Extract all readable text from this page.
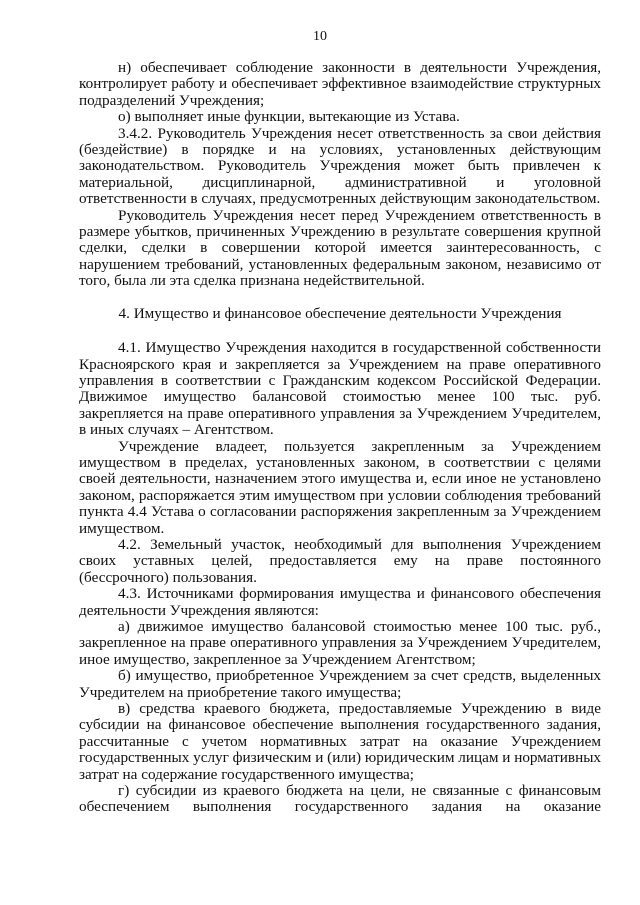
10

н) обеспечивает соблюдение законности в деятельности Учреждения, контролирует работу и обеспечивает эффективное взаимодействие структурных подразделений Учреждения;

о) выполняет иные функции, вытекающие из Устава.

3.4.2. Руководитель Учреждения несет ответственность за свои действия (бездействие) в порядке и на условиях, установленных действующим законодательством. Руководитель Учреждения может быть привлечен к материальной, дисциплинарной, административной и уголовной ответственности в случаях, предусмотренных действующим законодательством.

Руководитель Учреждения несет перед Учреждением ответственность в размере убытков, причиненных Учреждению в результате совершения крупной сделки, сделки в совершении которой имеется заинтересованность, с нарушением требований, установленных федеральным законом, независимо от того, была ли эта сделка признана недействительной.

4. Имущество и финансовое обеспечение деятельности Учреждения

4.1. Имущество Учреждения находится в государственной собственности Красноярского края и закрепляется за Учреждением на праве оперативного управления в соответствии с Гражданским кодексом Российской Федерации. Движимое имущество балансовой стоимостью менее 100 тыс. руб. закрепляется на праве оперативного управления за Учреждением Учредителем, в иных случаях – Агентством.

Учреждение владеет, пользуется закрепленным за Учреждением имуществом в пределах, установленных законом, в соответствии с целями своей деятельности, назначением этого имущества и, если иное не установлено законом, распоряжается этим имуществом при условии соблюдения требований пункта 4.4 Устава о согласовании распоряжения закрепленным за Учреждением имуществом.

4.2. Земельный участок, необходимый для выполнения Учреждением своих уставных целей, предоставляется ему на праве постоянного (бессрочного) пользования.

4.3. Источниками формирования имущества и финансового обеспечения деятельности Учреждения являются:

а) движимое имущество балансовой стоимостью менее 100 тыс. руб., закрепленное на праве оперативного управления за Учреждением Учредителем, иное имущество, закрепленное за Учреждением Агентством;

б) имущество, приобретенное Учреждением за счет средств, выделенных Учредителем на приобретение такого имущества;

в) средства краевого бюджета, предоставляемые Учреждению в виде субсидии на финансовое обеспечение выполнения государственного задания, рассчитанные с учетом нормативных затрат на оказание Учреждением государственных услуг физическим и (или) юридическим лицам и нормативных затрат на содержание государственного имущества;

г) субсидии из краевого бюджета на цели, не связанные с финансовым обеспечением выполнения государственного задания на оказание
